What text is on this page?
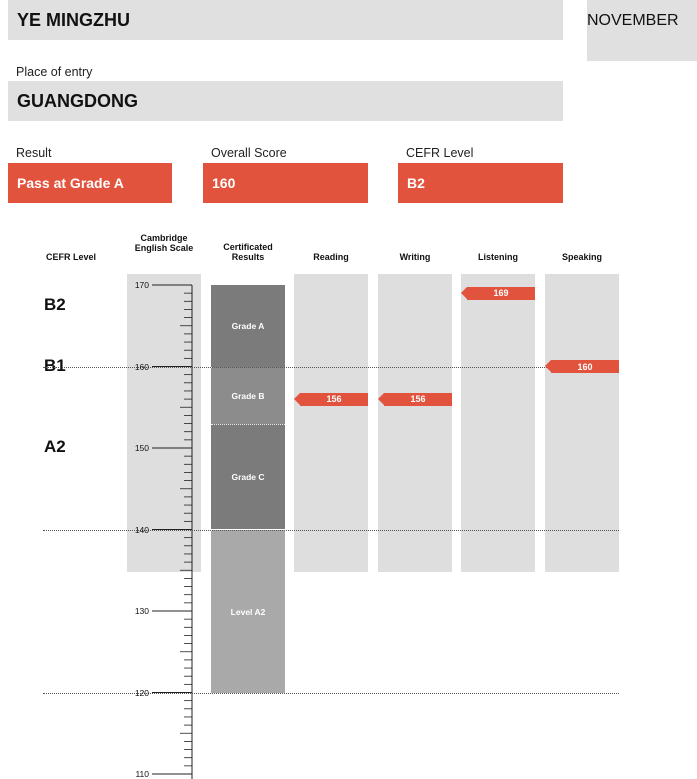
YE MINGZHU	NOVEMBER
Place of entry
GUANGDONG
Result
Pass at Grade A
Overall Score
160
CEFR Level
B2
CEFR Level
Cambridge English Scale	Certificated Results	Reading	Writing	Listening	Speaking
B2
B1
A2
Grade A
Grade B
Grade C
Level A2
156	156
169
160
110
120
130
140
150
160
170
